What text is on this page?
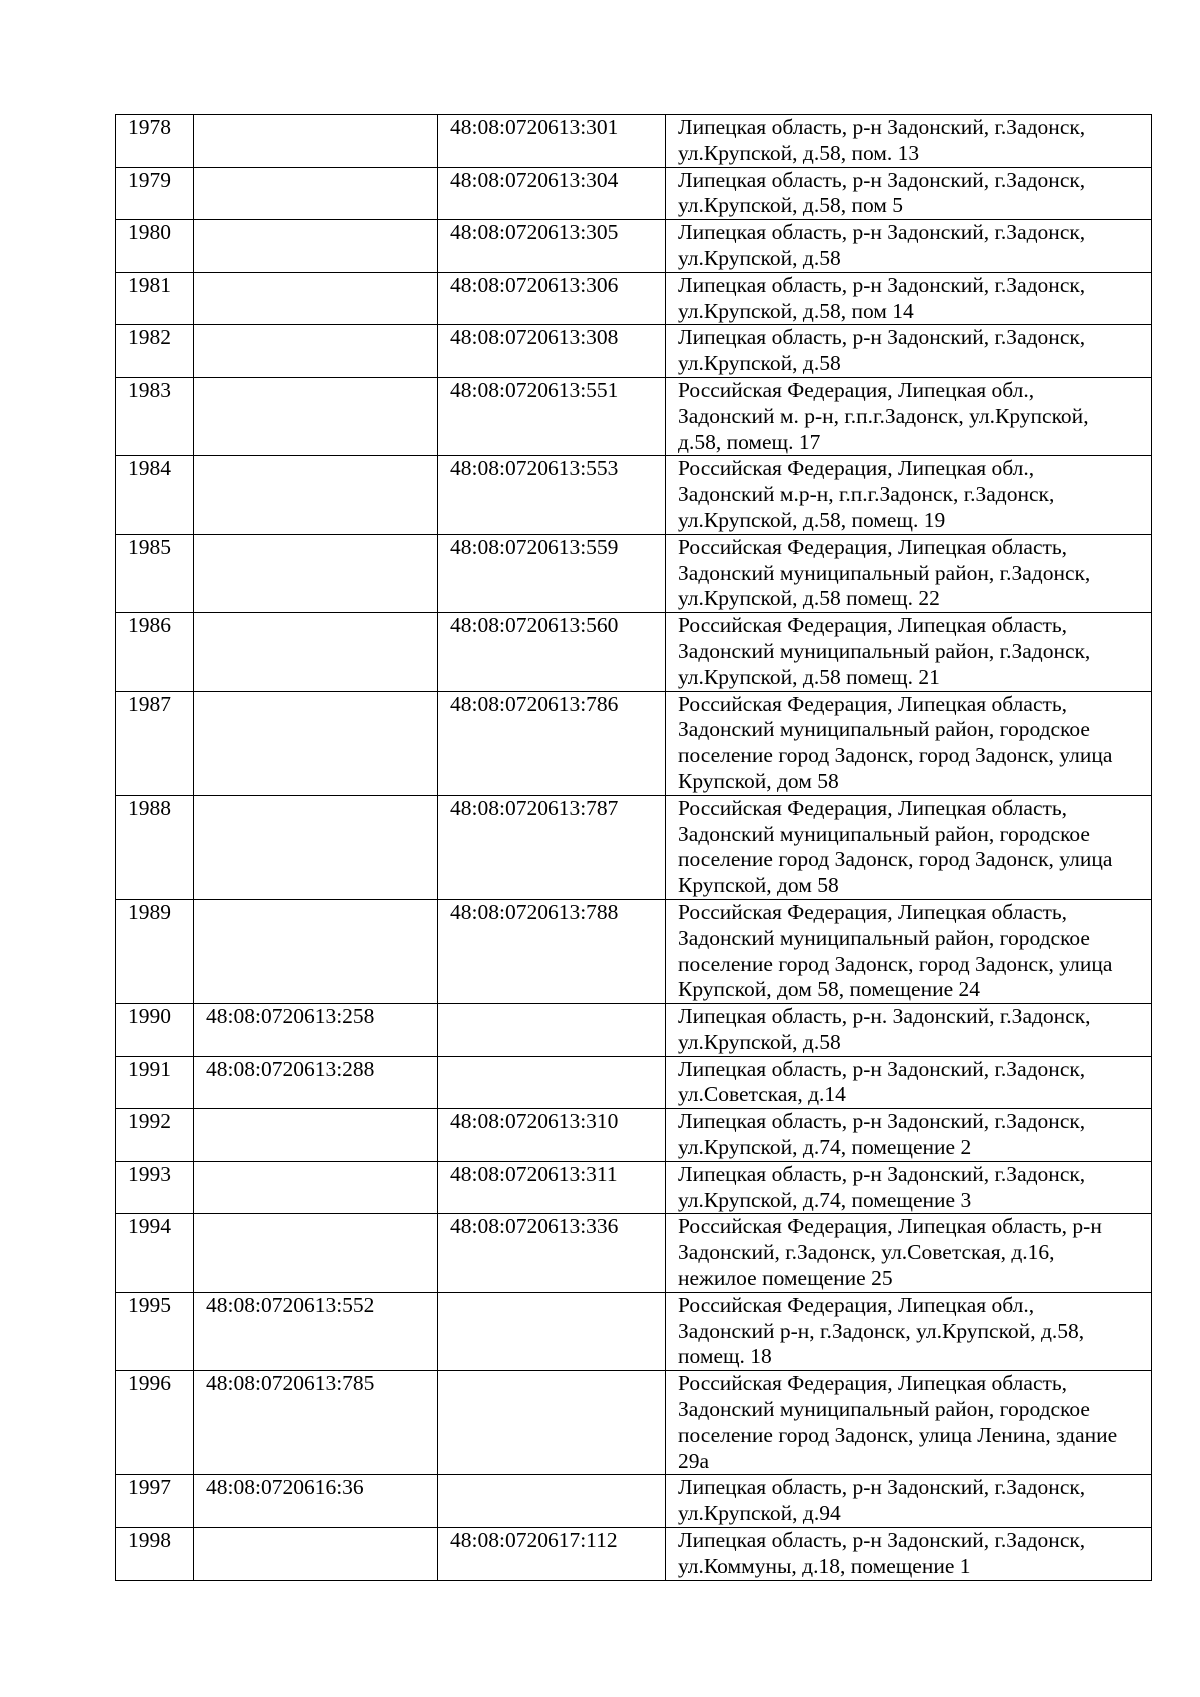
1978		48:08:0720613:301	Липецкая область, р-н Задонский, г.Задонск,
ул.Крупской, д.58, пом. 13

1979		48:08:0720613:304	Липецкая область, р-н Задонский, г.Задонск,
ул.Крупской, д.58, пом 5

1980		48:08:0720613:305	Липецкая область, р-н Задонский, г.Задонск,
ул.Крупской, д.58

1981		48:08:0720613:306	Липецкая область, р-н Задонский, г.Задонск,
ул.Крупской, д.58, пом 14

1982		48:08:0720613:308	Липецкая область, р-н Задонский, г.Задонск,
ул.Крупской, д.58

1983		48:08:0720613:551	Российская Федерация, Липецкая обл.,
Задонский м. р-н, г.п.г.Задонск, ул.Крупской,
д.58, помещ. 17

1984		48:08:0720613:553	Российская Федерация, Липецкая обл.,
Задонский м.р-н, г.п.г.Задонск, г.Задонск,
ул.Крупской, д.58, помещ. 19

1985		48:08:0720613:559	Российская Федерация, Липецкая область,
Задонский муниципальный район, г.Задонск,
ул.Крупской, д.58 помещ. 22

1986		48:08:0720613:560	Российская Федерация, Липецкая область,
Задонский муниципальный район, г.Задонск,
ул.Крупской, д.58 помещ. 21

1987		48:08:0720613:786	Российская Федерация, Липецкая область,
Задонский муниципальный район, городское
поселение город Задонск, город Задонск, улица
Крупской, дом 58

1988		48:08:0720613:787	Российская Федерация, Липецкая область,
Задонский муниципальный район, городское
поселение город Задонск, город Задонск, улица
Крупской, дом 58

1989		48:08:0720613:788	Российская Федерация, Липецкая область,
Задонский муниципальный район, городское
поселение город Задонск, город Задонск, улица
Крупской, дом 58, помещение 24

1990	48:08:0720613:258		Липецкая область, р-н. Задонский, г.Задонск,
ул.Крупской, д.58

1991	48:08:0720613:288		Липецкая область, р-н Задонский, г.Задонск,
ул.Советская, д.14

1992		48:08:0720613:310	Липецкая область, р-н Задонский, г.Задонск,
ул.Крупской, д.74, помещение 2

1993		48:08:0720613:311	Липецкая область, р-н Задонский, г.Задонск,
ул.Крупской, д.74, помещение 3

1994		48:08:0720613:336	Российская Федерация, Липецкая область, р-н
Задонский, г.Задонск, ул.Советская, д.16,
нежилое помещение 25

1995	48:08:0720613:552		Российская Федерация, Липецкая обл.,
Задонский р-н, г.Задонск, ул.Крупской, д.58,
помещ. 18

1996	48:08:0720613:785		Российская Федерация, Липецкая область,
Задонский муниципальный район, городское
поселение город Задонск, улица Ленина, здание
29а

1997	48:08:0720616:36		Липецкая область, р-н Задонский, г.Задонск,
ул.Крупской, д.94

1998		48:08:0720617:112	Липецкая область, р-н Задонский, г.Задонск,
ул.Коммуны, д.18, помещение 1
